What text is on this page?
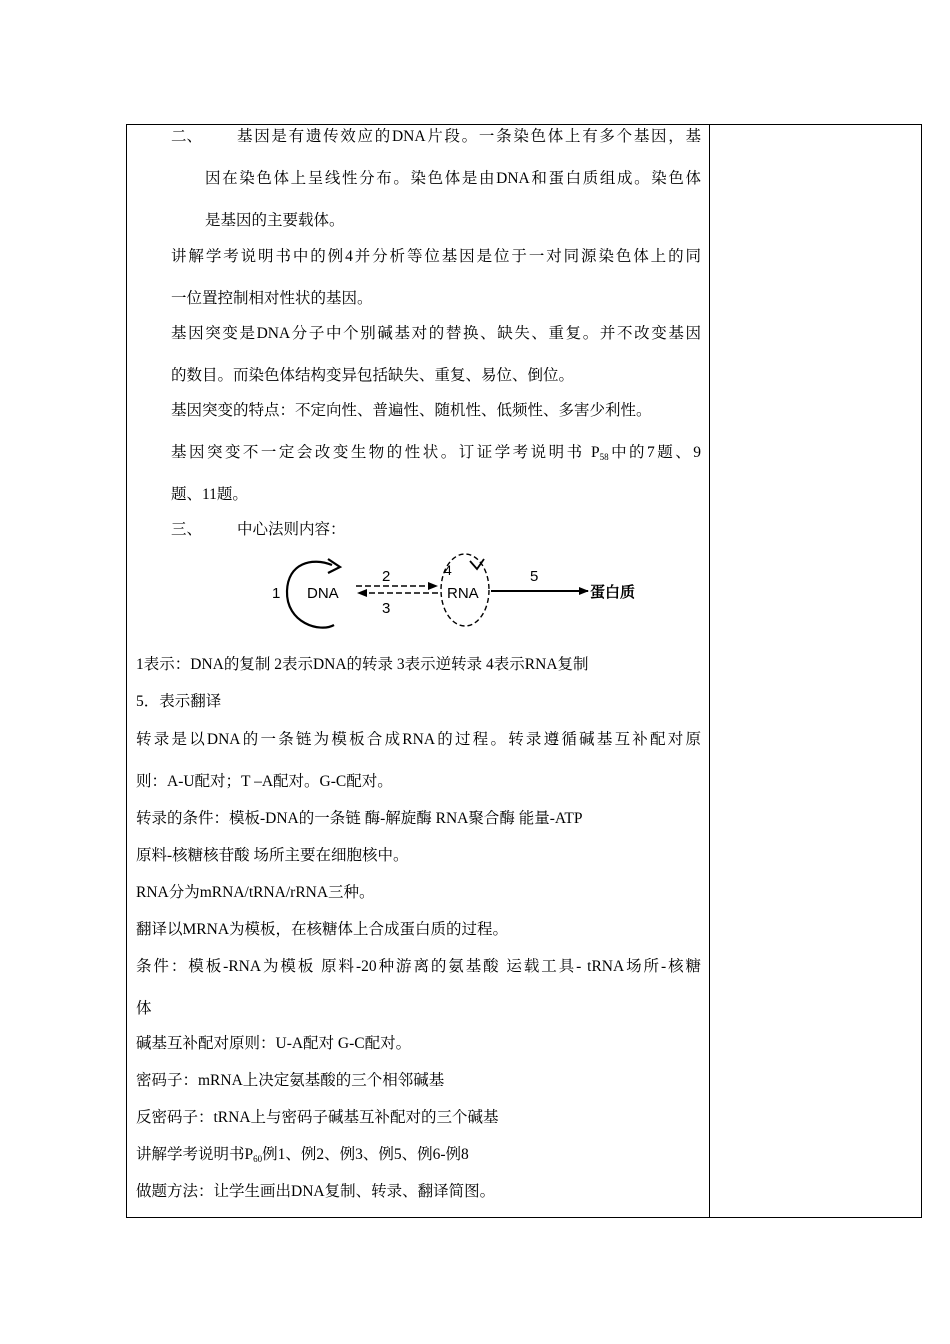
二、 基因是有遗传效应的DNA片段。一条染色体上有多个基因，基
因在染色体上呈线性分布。染色体是由DNA和蛋白质组成。染色体
是基因的主要载体。
讲解学考说明书中的例4并分析等位基因是位于一对同源染色体上的同
一位置控制相对性状的基因。
基因突变是DNA分子中个别碱基对的替换、缺失、重复。并不改变基因
的数目。而染色体结构变异包括缺失、重复、易位、倒位。
基因突变的特点：不定向性、普遍性、随机性、低频性、多害少利性。
基因突变不一定会改变生物的性状。订证学考说明书 $P_{58}$中的7题、9
题、11题。
三、 中心法则内容：
1 DNA
2
3
4
RNA
5
蛋白质
1表示：DNA的复制 2表示DNA的转录 3表示逆转录 4表示RNA复制
5．表示翻译
转录是以DNA的一条链为模板合成RNA的过程。转录遵循碱基互补配对原
则：A-U配对；T –A配对。G-C配对。
转录的条件：模板-DNA的一条链 酶-解旋酶 RNA聚合酶 能量-ATP
原料-核糖核苷酸 场所主要在细胞核中。
RNA分为mRNA/tRNA/rRNA三种。
翻译以MRNA为模板，在核糖体上合成蛋白质的过程。
条件：模板-RNA为模板 原料-20种游离的氨基酸 运载工具- tRNA场所-核糖
体
碱基互补配对原则：U-A配对 G-C配对。
密码子：mRNA上决定氨基酸的三个相邻碱基
反密码子：tRNA上与密码子碱基互补配对的三个碱基
讲解学考说明书$P_{60}$例1、例2、例3、例5、例6-例8
做题方法：让学生画出DNA复制、转录、翻译简图。
